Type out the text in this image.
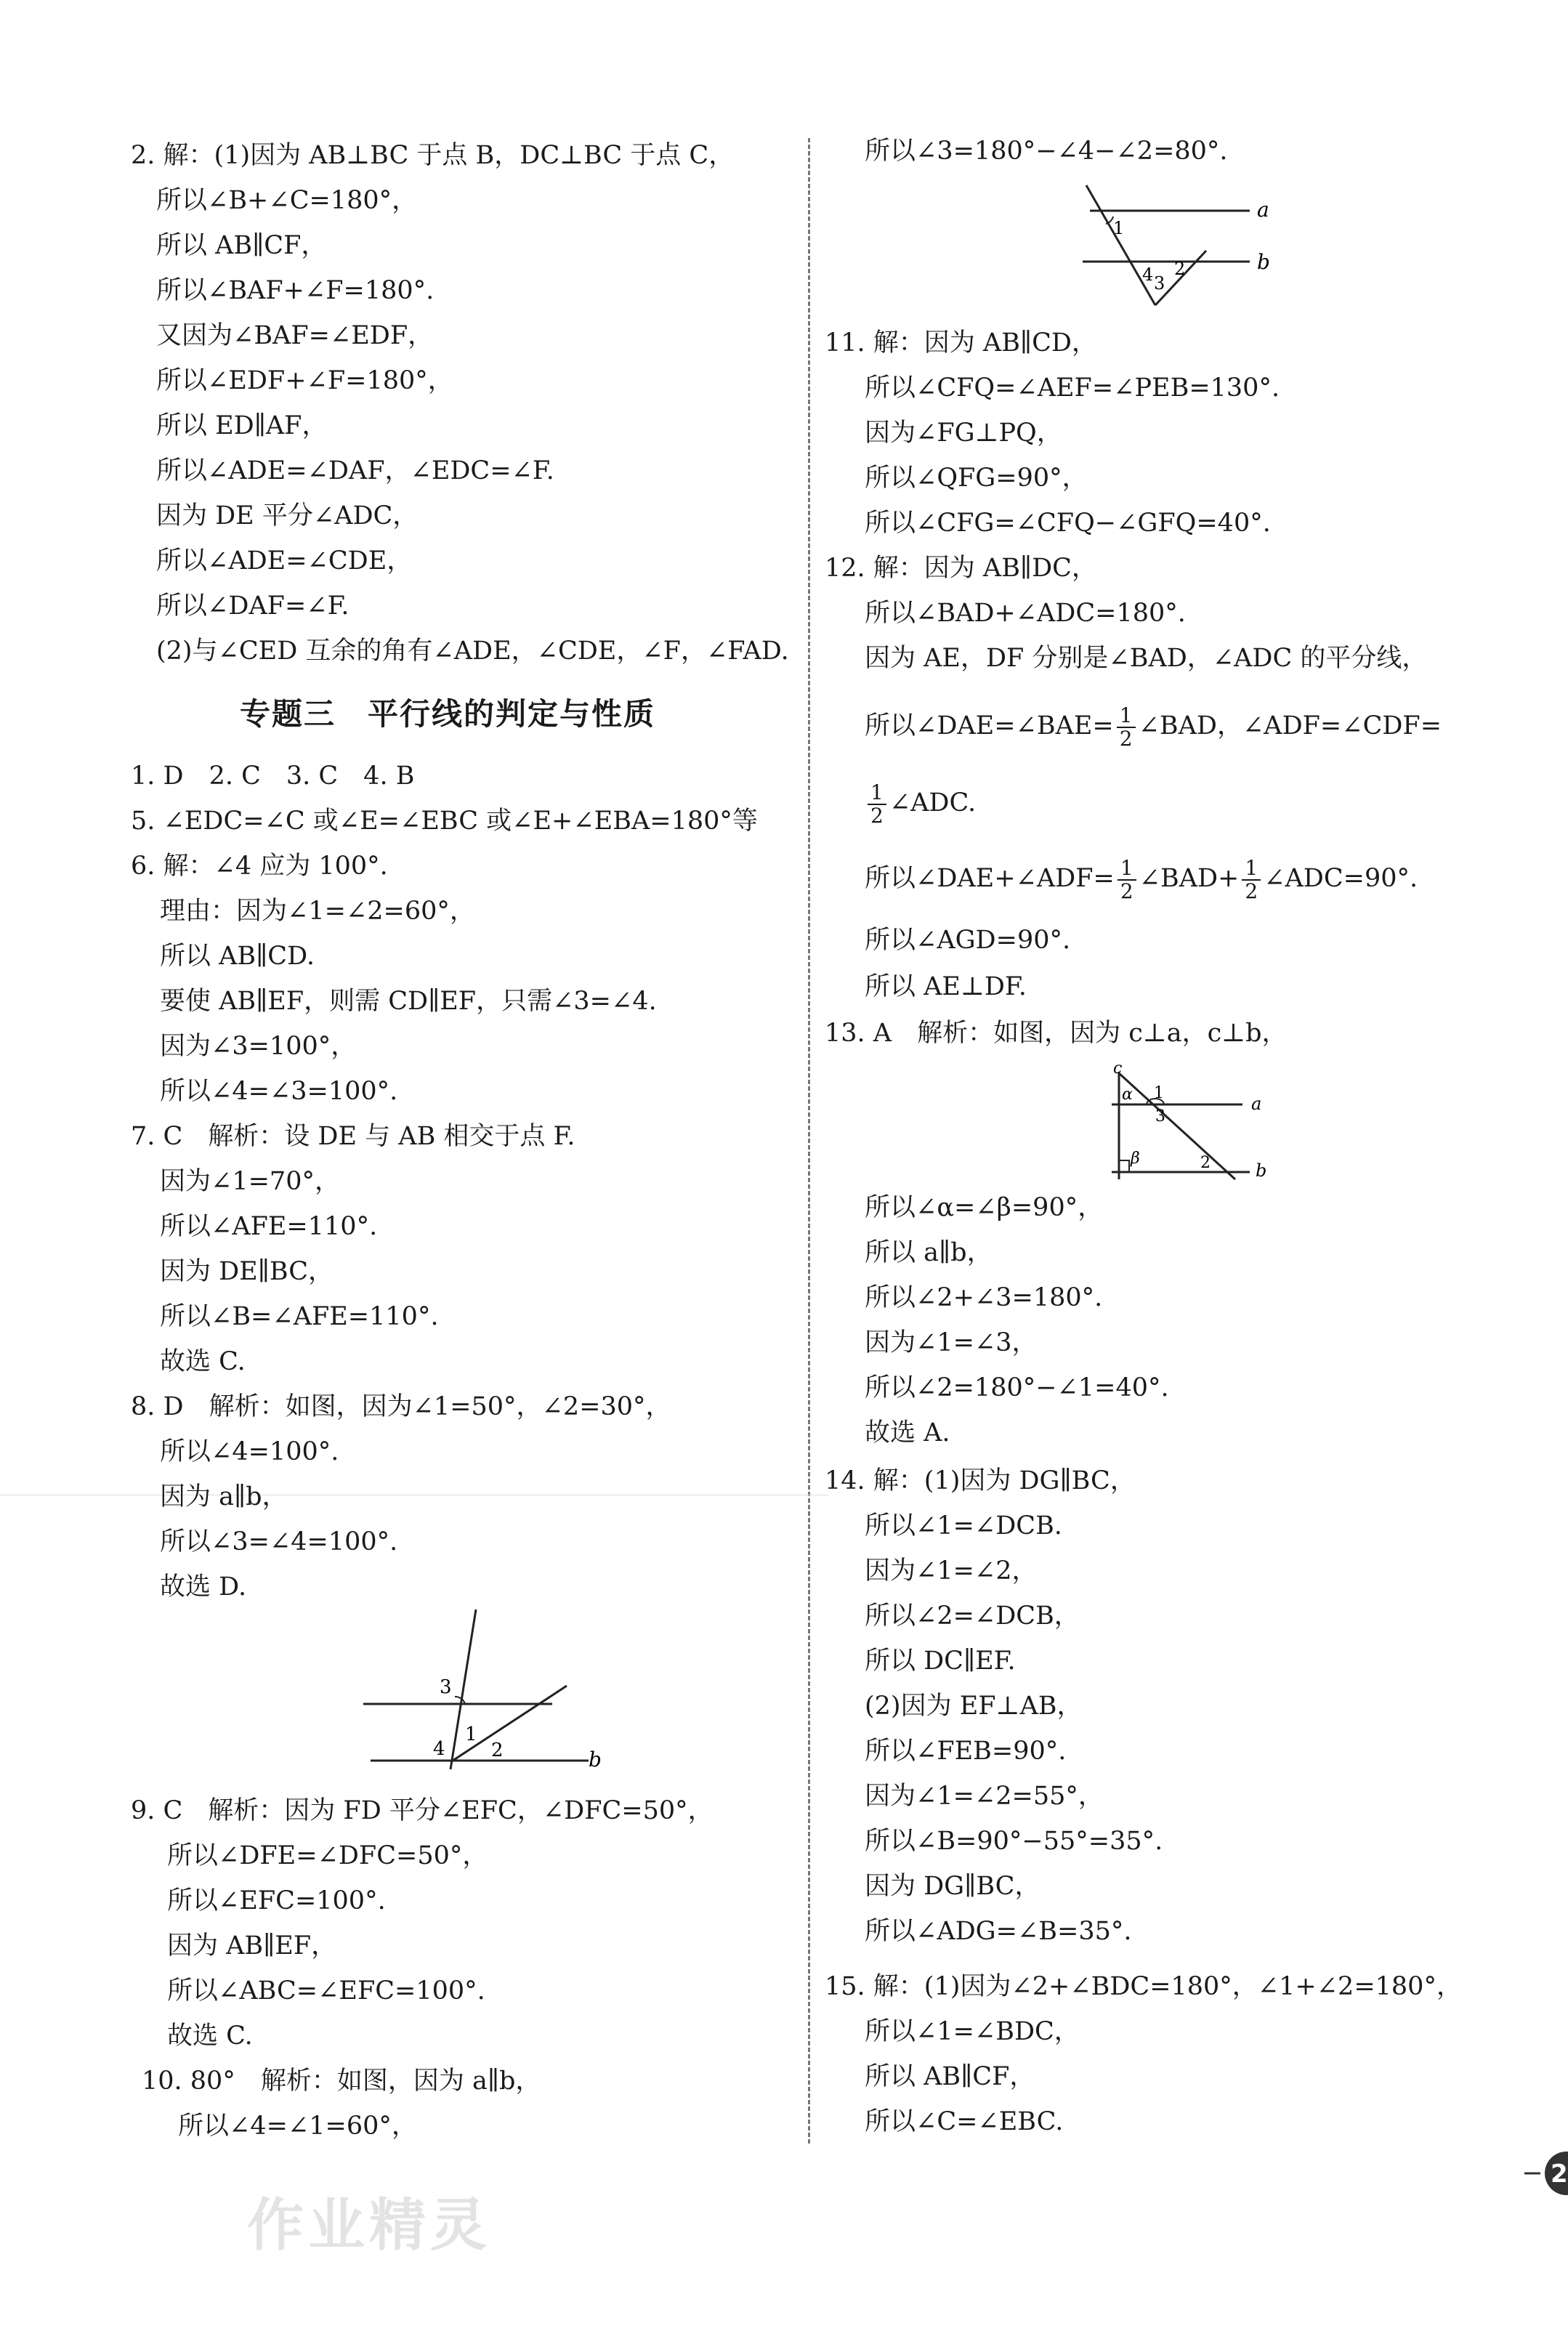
2. 解：(1)因为 AB⊥BC 于点 B，DC⊥BC 于点 C，
所以∠B+∠C=180°，
所以 AB∥CF，
所以∠BAF+∠F=180°.
又因为∠BAF=∠EDF，
所以∠EDF+∠F=180°，
所以 ED∥AF，
所以∠ADE=∠DAF，∠EDC=∠F.
因为 DE 平分∠ADC，
所以∠ADE=∠CDE，
所以∠DAF=∠F.
(2)与∠CED 互余的角有∠ADE，∠CDE，∠F，∠FAD.
专题三　平行线的判定与性质
1. D　2. C　3. C　4. B
5. ∠EDC=∠C 或∠E=∠EBC 或∠E+∠EBA=180°等
6. 解：∠4 应为 100°.
理由：因为∠1=∠2=60°，
所以 AB∥CD.
要使 AB∥EF，则需 CD∥EF，只需∠3=∠4.
因为∠3=100°，
所以∠4=∠3=100°.
7. C　解析：设 DE 与 AB 相交于点 F.
因为∠1=70°，
所以∠AFE=110°.
因为 DE∥BC，
所以∠B=∠AFE=110°.
故选 C.
8. D　解析：如图，因为∠1=50°，∠2=30°，
所以∠4=100°.
因为 a∥b，
所以∠3=∠4=100°.
故选 D.
3
4
1
2	b
9. C　解析：因为 FD 平分∠EFC，∠DFC=50°，
所以∠DFE=∠DFC=50°，
所以∠EFC=100°.
因为 AB∥EF，
所以∠ABC=∠EFC=100°.
故选 C.
10. 80°　解析：如图，因为 a∥b，
所以∠4=∠1=60°，
所以∠3=180°−∠4−∠2=80°.
1
4 3
2
a
b
11. 解：因为 AB∥CD，
所以∠CFQ=∠AEF=∠PEB=130°.
因为∠FG⊥PQ，
所以∠QFG=90°，
所以∠CFG=∠CFQ−∠GFQ=40°.
12. 解：因为 AB∥DC，
所以∠BAD+∠ADC=180°.
因为 AE，DF 分别是∠BAD，∠ADC 的平分线，
所以∠DAE=∠BAE= $\frac{1}{2}$ ∠BAD，∠ADF=∠CDF=
$\frac{1}{2}$ ∠ADC.
所以∠DAE+∠ADF= $\frac{1}{2}$ ∠BAD+ $\frac{1}{2}$ ∠ADC=90°.
所以∠AGD=90°.
所以 AE⊥DF.
13. A　解析：如图，因为 c⊥a，c⊥b，
c
α 1
3
β	2
a
b
所以∠α=∠β=90°，
所以 a∥b，
所以∠2+∠3=180°.
因为∠1=∠3，
所以∠2=180°−∠1=40°.
故选 A.
14. 解：(1)因为 DG∥BC，
所以∠1=∠DCB.
因为∠1=∠2，
所以∠2=∠DCB，
所以 DC∥EF.
(2)因为 EF⊥AB，
所以∠FEB=90°.
因为∠1=∠2=55°，
所以∠B=90°−55°=35°.
因为 DG∥BC，
所以∠ADG=∠B=35°.
15. 解：(1)因为∠2+∠BDC=180°，∠1+∠2=180°，
所以∠1=∠BDC，
所以 AB∥CF，
所以∠C=∠EBC.
作业精灵
2
